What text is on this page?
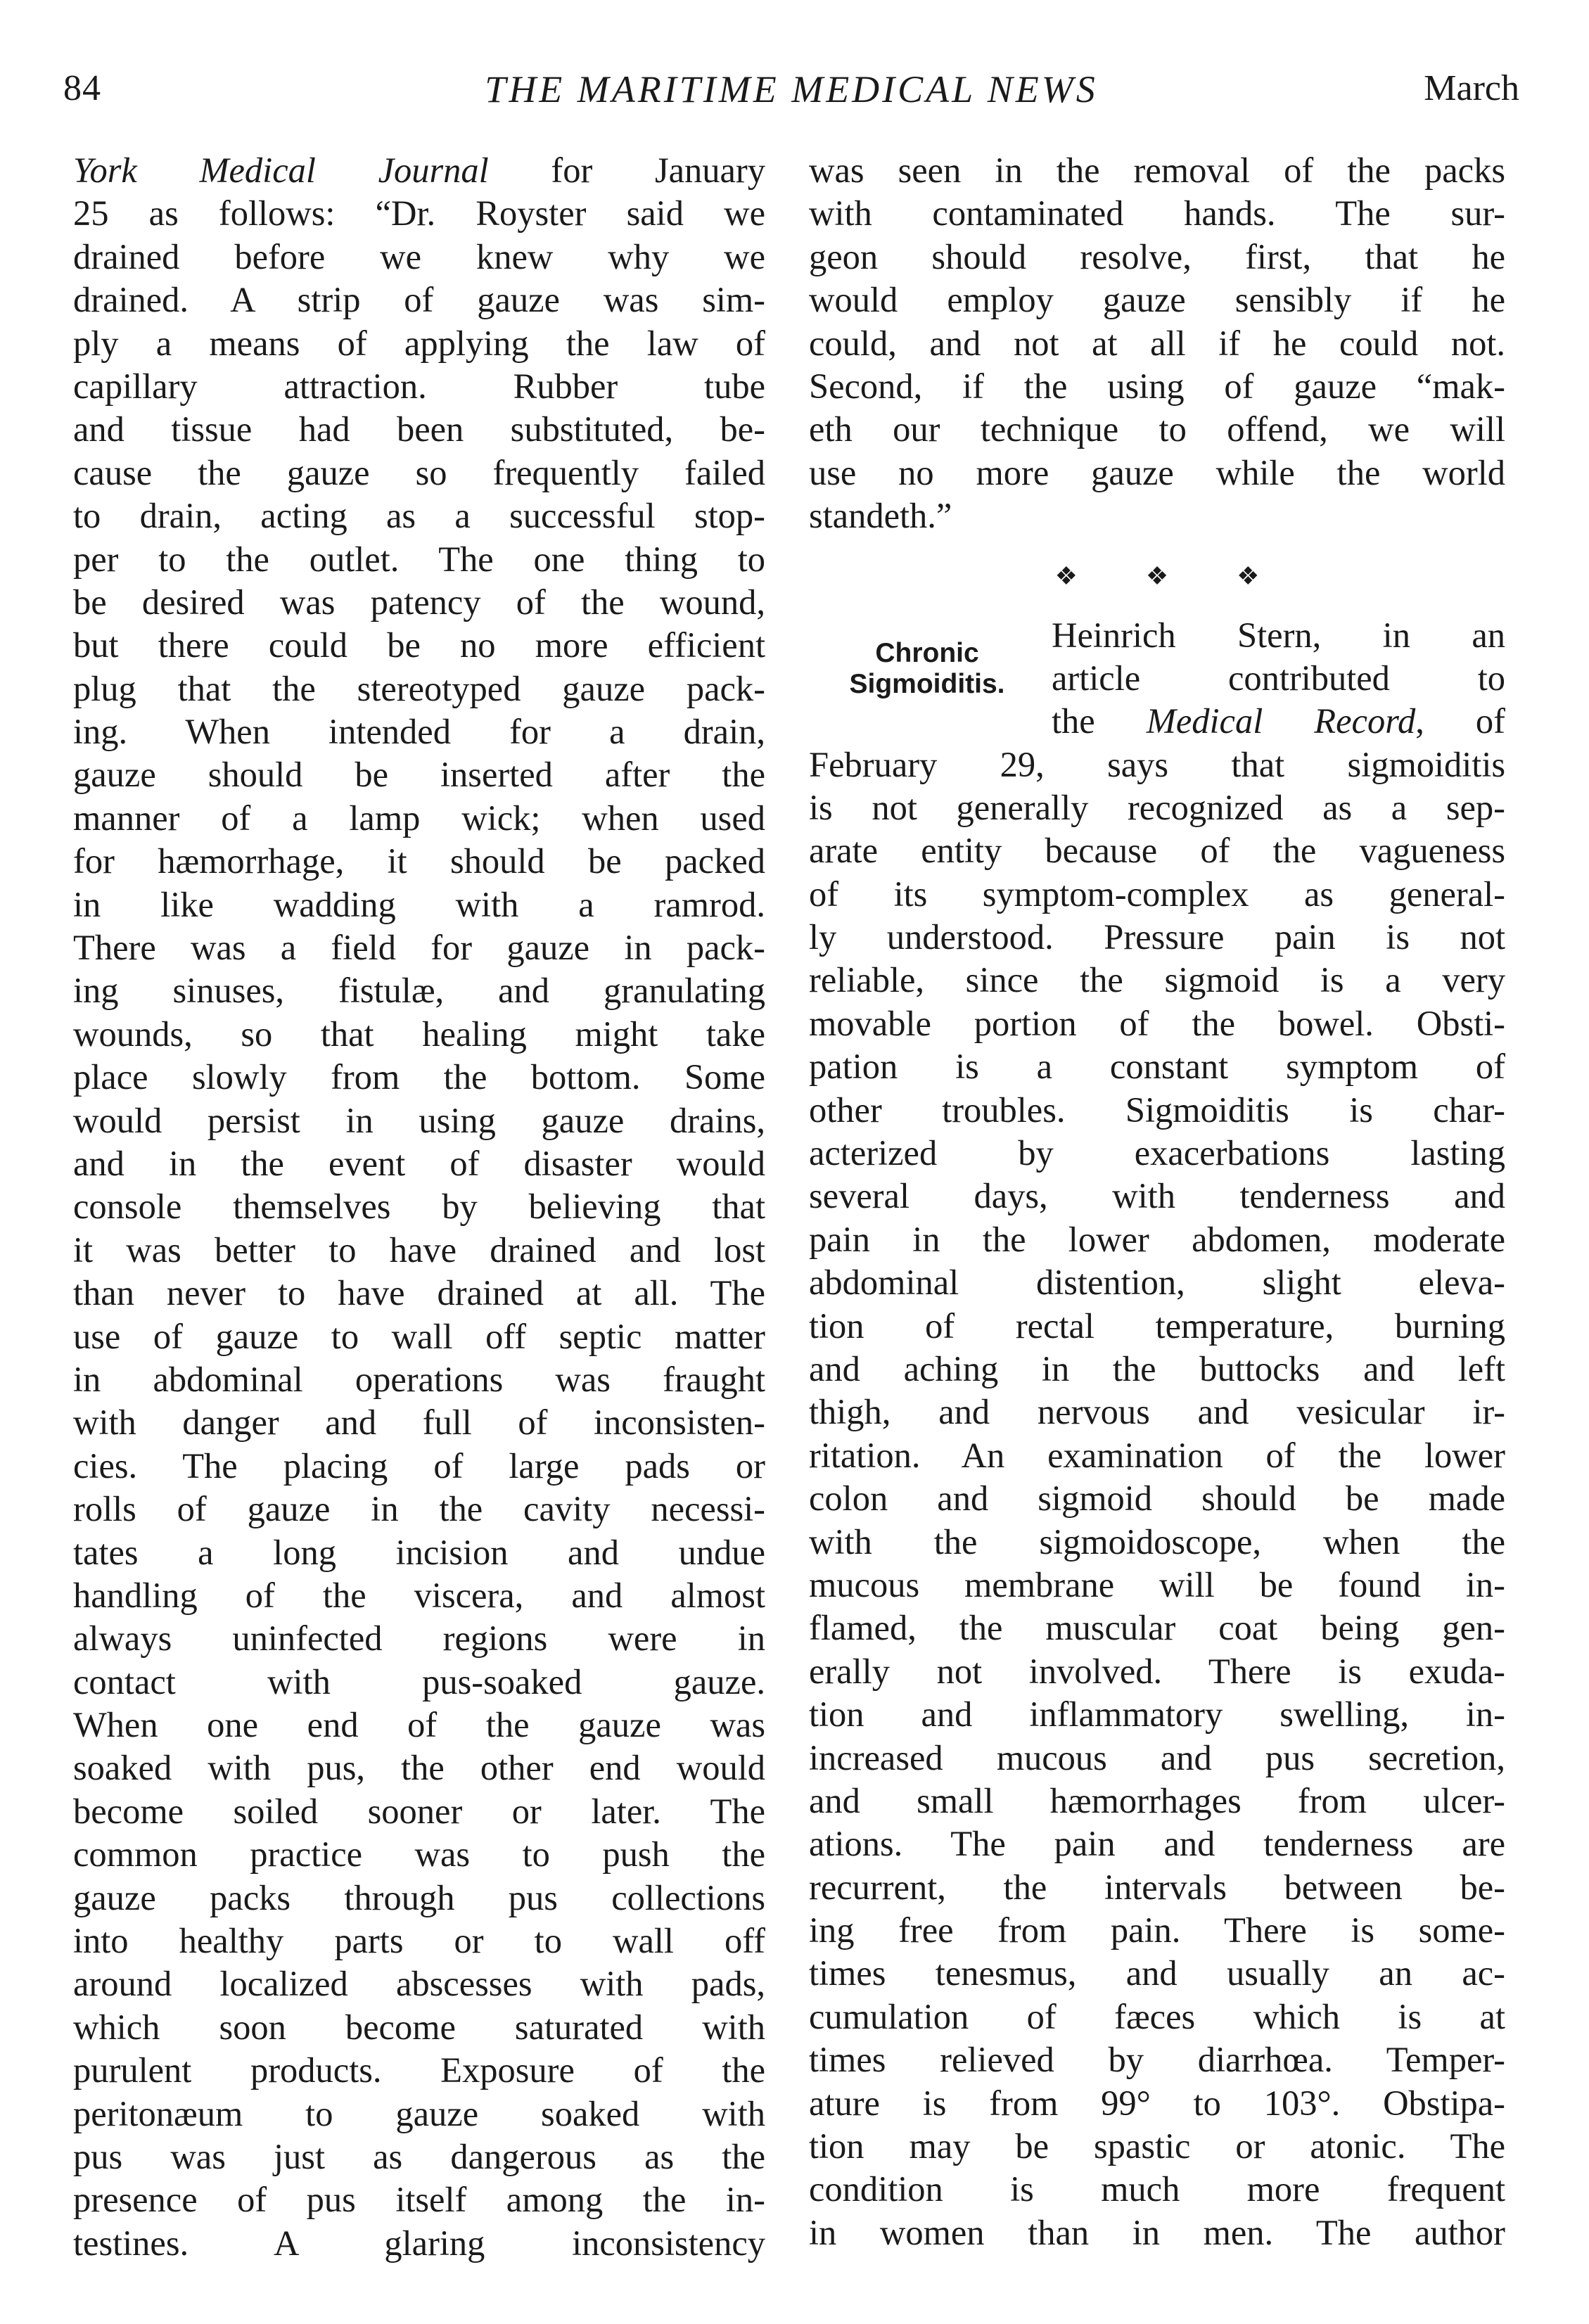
84	THE MARITIME MEDICAL NEWS	March
York Medical Journal for January
25 as follows: “Dr. Royster said we
drained before we knew why we
drained. A strip of gauze was sim-
ply a means of applying the law of
capillary attraction. Rubber tube
and tissue had been substituted, be-
cause the gauze so frequently failed
to drain, acting as a successful stop-
per to the outlet. The one thing to
be desired was patency of the wound,
but there could be no more efficient
plug that the stereotyped gauze pack-
ing. When intended for a drain,
gauze should be inserted after the
manner of a lamp wick; when used
for hæmorrhage, it should be packed
in like wadding with a ramrod.
There was a field for gauze in pack-
ing sinuses, fistulæ, and granulating
wounds, so that healing might take
place slowly from the bottom. Some
would persist in using gauze drains,
and in the event of disaster would
console themselves by believing that
it was better to have drained and lost
than never to have drained at all. The
use of gauze to wall off septic matter
in abdominal operations was fraught
with danger and full of inconsisten-
cies. The placing of large pads or
rolls of gauze in the cavity necessi-
tates a long incision and undue
handling of the viscera, and almost
always uninfected regions were in
contact with pus-soaked gauze.
When one end of the gauze was
soaked with pus, the other end would
become soiled sooner or later. The
common practice was to push the
gauze packs through pus collections
into healthy parts or to wall off
around localized abscesses with pads,
which soon become saturated with
purulent products. Exposure of the
peritonæum to gauze soaked with
pus was just as dangerous as the
presence of pus itself among the in-
testines. A glaring inconsistency
was seen in the removal of the packs
with contaminated hands. The sur-
geon should resolve, first, that he
would employ gauze sensibly if he
could, and not at all if he could not.
Second, if the using of gauze “mak-
eth our technique to offend, we will
use no more gauze while the world
standeth.”
❖ ❖ ❖
Chronic
Sigmoiditis.
Heinrich Stern, in an
article contributed to
the Medical Record, of
February 29, says that sigmoiditis
is not generally recognized as a sep-
arate entity because of the vagueness
of its symptom-complex as general-
ly understood. Pressure pain is not
reliable, since the sigmoid is a very
movable portion of the bowel. Obsti-
pation is a constant symptom of
other troubles. Sigmoiditis is char-
acterized by exacerbations lasting
several days, with tenderness and
pain in the lower abdomen, moderate
abdominal distention, slight eleva-
tion of rectal temperature, burning
and aching in the buttocks and left
thigh, and nervous and vesicular ir-
ritation. An examination of the lower
colon and sigmoid should be made
with the sigmoidoscope, when the
mucous membrane will be found in-
flamed, the muscular coat being gen-
erally not involved. There is exuda-
tion and inflammatory swelling, in-
increased mucous and pus secretion,
and small hæmorrhages from ulcer-
ations. The pain and tenderness are
recurrent, the intervals between be-
ing free from pain. There is some-
times tenesmus, and usually an ac-
cumulation of fæces which is at
times relieved by diarrhœa. Temper-
ature is from 99° to 103°. Obstipa-
tion may be spastic or atonic. The
condition is much more frequent
in women than in men. The author
